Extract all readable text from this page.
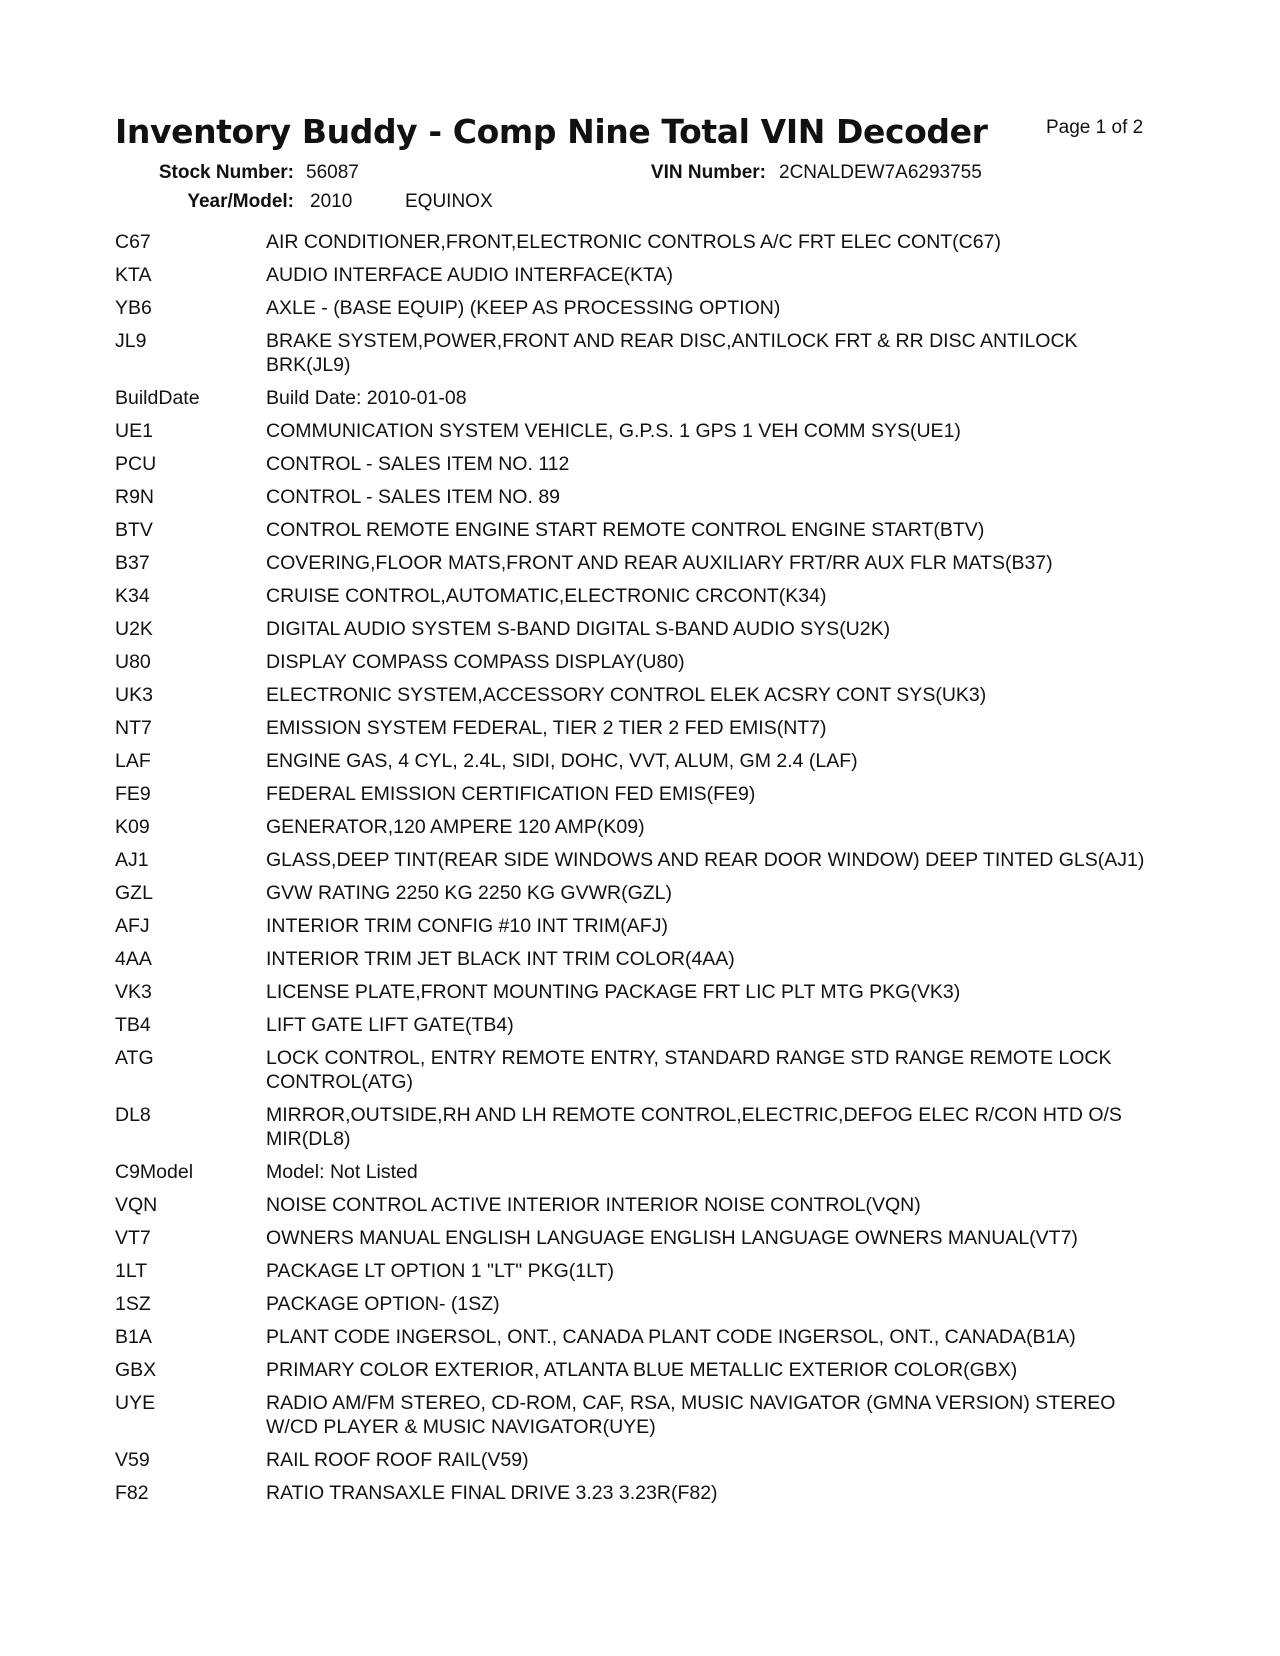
Inventory Buddy - Comp Nine Total VIN Decoder	Page 1 of 2
Stock Number: 56087	VIN Number: 2CNALDEW7A6293755
Year/Model: 2010	EQUINOX
C67	AIR CONDITIONER,FRONT,ELECTRONIC CONTROLS A/C FRT ELEC CONT(C67)
KTA	AUDIO INTERFACE AUDIO INTERFACE(KTA)
YB6	AXLE - (BASE EQUIP) (KEEP AS PROCESSING OPTION)
JL9	BRAKE SYSTEM,POWER,FRONT AND REAR DISC,ANTILOCK FRT & RR DISC ANTILOCK BRK(JL9)
BuildDate	Build Date: 2010-01-08
UE1	COMMUNICATION SYSTEM VEHICLE, G.P.S. 1 GPS 1 VEH COMM SYS(UE1)
PCU	CONTROL - SALES ITEM NO. 112
R9N	CONTROL - SALES ITEM NO. 89
BTV	CONTROL REMOTE ENGINE START REMOTE CONTROL ENGINE START(BTV)
B37	COVERING,FLOOR MATS,FRONT AND REAR AUXILIARY FRT/RR AUX FLR MATS(B37)
K34	CRUISE CONTROL,AUTOMATIC,ELECTRONIC CRCONT(K34)
U2K	DIGITAL AUDIO SYSTEM S-BAND DIGITAL S-BAND AUDIO SYS(U2K)
U80	DISPLAY COMPASS COMPASS DISPLAY(U80)
UK3	ELECTRONIC SYSTEM,ACCESSORY CONTROL ELEK ACSRY CONT SYS(UK3)
NT7	EMISSION SYSTEM FEDERAL, TIER 2 TIER 2 FED EMIS(NT7)
LAF	ENGINE GAS, 4 CYL, 2.4L, SIDI, DOHC, VVT, ALUM, GM 2.4 (LAF)
FE9	FEDERAL EMISSION CERTIFICATION FED EMIS(FE9)
K09	GENERATOR,120 AMPERE 120 AMP(K09)
AJ1	GLASS,DEEP TINT(REAR SIDE WINDOWS AND REAR DOOR WINDOW) DEEP TINTED GLS(AJ1)
GZL	GVW RATING 2250 KG 2250 KG GVWR(GZL)
AFJ	INTERIOR TRIM CONFIG #10 INT TRIM(AFJ)
4AA	INTERIOR TRIM JET BLACK INT TRIM COLOR(4AA)
VK3	LICENSE PLATE,FRONT MOUNTING PACKAGE FRT LIC PLT MTG PKG(VK3)
TB4	LIFT GATE LIFT GATE(TB4)
ATG	LOCK CONTROL, ENTRY REMOTE ENTRY, STANDARD RANGE STD RANGE REMOTE LOCK CONTROL(ATG)
DL8	MIRROR,OUTSIDE,RH AND LH REMOTE CONTROL,ELECTRIC,DEFOG ELEC R/CON HTD O/S MIR(DL8)
C9Model	Model: Not Listed
VQN	NOISE CONTROL ACTIVE INTERIOR INTERIOR NOISE CONTROL(VQN)
VT7	OWNERS MANUAL ENGLISH LANGUAGE ENGLISH LANGUAGE OWNERS MANUAL(VT7)
1LT	PACKAGE LT OPTION 1 "LT" PKG(1LT)
1SZ	PACKAGE OPTION- (1SZ)
B1A	PLANT CODE INGERSOL, ONT., CANADA PLANT CODE INGERSOL, ONT., CANADA(B1A)
GBX	PRIMARY COLOR EXTERIOR, ATLANTA BLUE METALLIC EXTERIOR COLOR(GBX)
UYE	RADIO AM/FM STEREO, CD-ROM, CAF, RSA, MUSIC NAVIGATOR (GMNA VERSION) STEREO W/CD PLAYER & MUSIC NAVIGATOR(UYE)
V59	RAIL ROOF ROOF RAIL(V59)
F82	RATIO TRANSAXLE FINAL DRIVE 3.23 3.23R(F82)
